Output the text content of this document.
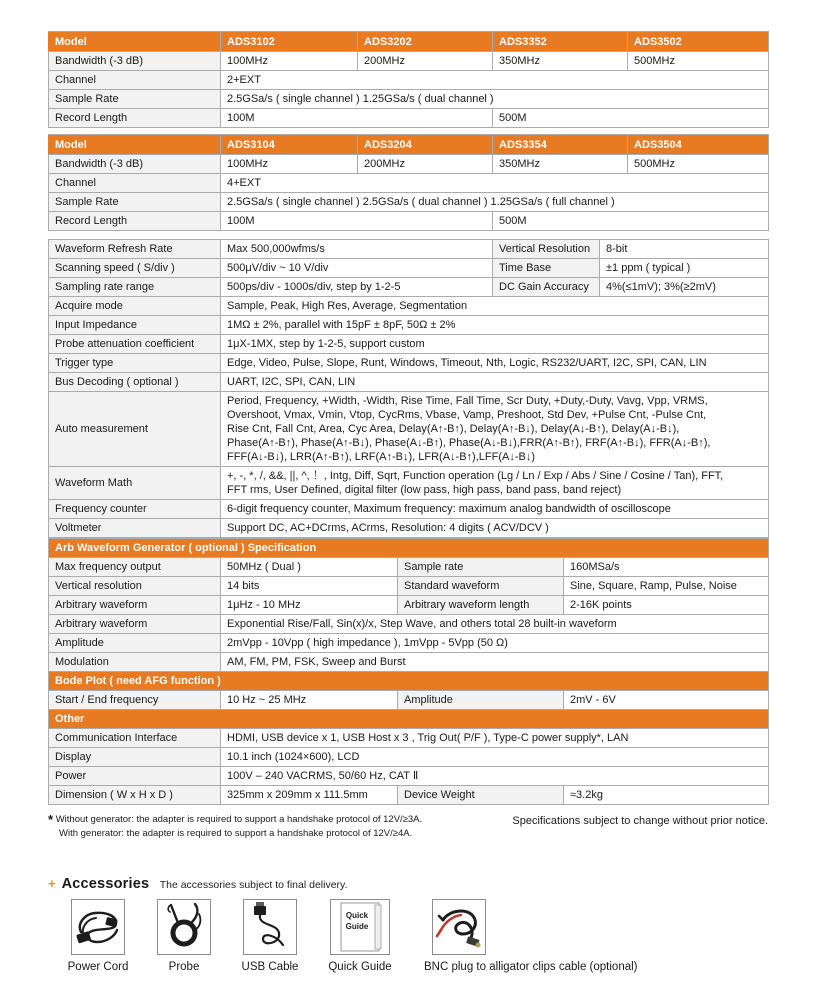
Model	ADS3102	ADS3202	ADS3352	ADS3502
Bandwidth (-3 dB)	100MHz	200MHz	350MHz	500MHz
Channel	2+EXT			
Sample Rate	2.5GSa/s ( single channel ) 1.25GSa/s ( dual channel )			
Record Length	100M		500M	
Model	ADS3104	ADS3204	ADS3354	ADS3504
Bandwidth (-3 dB)	100MHz	200MHz	350MHz	500MHz
Channel	4+EXT			
Sample Rate	2.5GSa/s ( single channel ) 2.5GSa/s ( dual channel ) 1.25GSa/s ( full channel )			
Record Length	100M		500M	
Waveform Refresh Rate	Max 500,000wfms/s	Vertical Resolution	8-bit
Scanning speed ( S/div )	500μV/div ~ 10 V/div	Time Base	±1 ppm ( typical )
Sampling rate range	500ps/div - 1000s/div, step by 1-2-5	DC Gain Accuracy	4%(≤1mV); 3%(≥2mV)
Acquire mode	Sample, Peak, High Res, Average, Segmentation		
Input Impedance	1MΩ ± 2%, parallel with 15pF ± 8pF, 50Ω ± 2%		
Probe attenuation coefficient	1μX-1MX, step by 1-2-5, support custom		
Trigger type	Edge, Video, Pulse, Slope, Runt, Windows, Timeout, Nth, Logic, RS232/UART, I2C, SPI, CAN, LIN		
Bus Decoding ( optional )	UART, I2C, SPI, CAN, LIN		
Auto measurement	Period, Frequency, +Width, -Width, Rise Time, Fall Time, Scr Duty, +Duty,-Duty, Vavg, Vpp, VRMS,
Overshoot, Vmax, Vmin, Vtop, CycRms, Vbase, Vamp, Preshoot, Std Dev, +Pulse Cnt, -Pulse Cnt,
Rise Cnt, Fall Cnt, Area, Cyc Area, Delay(A↑-B↑), Delay(A↑-B↓), Delay(A↓-B↑), Delay(A↓-B↓),
Phase(A↑-B↑), Phase(A↑-B↓), Phase(A↓-B↑), Phase(A↓-B↓),FRR(A↑-B↑), FRF(A↑-B↓), FFR(A↓-B↑),
FFF(A↓-B↓), LRR(A↑-B↑), LRF(A↑-B↓), LFR(A↓-B↑),LFF(A↓-B↓)		
Waveform Math	+, -, *, /, &&, ||, ^, ！, Intg, Diff, Sqrt, Function operation (Lg / Ln / Exp / Abs / Sine / Cosine / Tan), FFT,
FFT rms, User Defined, digital filter (low pass, high pass, band pass, band reject)		
Frequency counter	6-digit frequency counter, Maximum frequency: maximum analog bandwidth of oscilloscope		
Voltmeter	Support DC, AC+DCrms, ACrms, Resolution: 4 digits ( ACV/DCV )		
Arb Waveform Generator ( optional ) Specification			
Max frequency output	50MHz ( Dual )	Sample rate	160MSa/s
Vertical resolution	14 bits	Standard waveform	Sine, Square, Ramp, Pulse, Noise
Arbitrary waveform	1μHz - 10 MHz	Arbitrary waveform length	2-16K points
Arbitrary waveform	Exponential Rise/Fall, Sin(x)/x, Step Wave, and others total 28 built-in waveform		
Amplitude	2mVpp - 10Vpp ( high impedance ), 1mVpp - 5Vpp (50 Ω)		
Modulation	AM, FM, PM, FSK, Sweep and Burst		
Bode Plot ( need AFG function )			
Start / End frequency	10 Hz ~ 25 MHz	Amplitude	2mV - 6V
Other			
Communication Interface	HDMI, USB device x 1, USB Host x 3 , Trig Out( P/F ), Type-C power supply*, LAN		
Display	10.1 inch (1024×600), LCD		
Power	100V – 240 VACRMS, 50/60 Hz, CAT Ⅱ		
Dimension ( W x H x D )	325mm x 209mm x 111.5mm	Device Weight	≈3.2kg
* Without generator: the adapter is required to support a handshake protocol of 12V/≥3A.
With generator: the adapter is required to support a handshake protocol of 12V/≥4A.
Specifications subject to change without prior notice.
+ Accessories The accessories subject to final delivery.
Quick
Guide
Power Cord	Probe	USB Cable	Quick Guide	BNC plug to alligator clips cable (optional)
